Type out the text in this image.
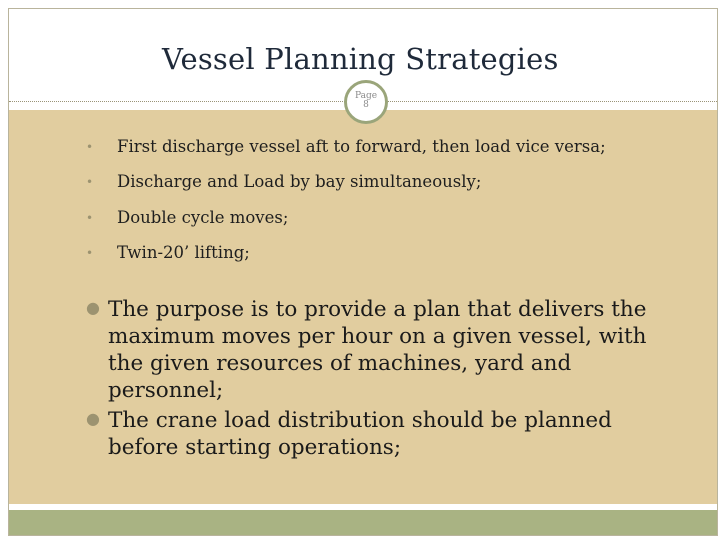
Vessel Planning Strategies
Page
8
• First discharge vessel aft to forward, then load vice versa;
• Discharge and Load by bay simultaneously;
• Double cycle moves;
• Twin-20’ lifting;
● The purpose is to provide a plan that delivers the maximum moves per hour on a given vessel, with the given resources of machines, yard and personnel;
● The crane load distribution should be planned before starting operations;
